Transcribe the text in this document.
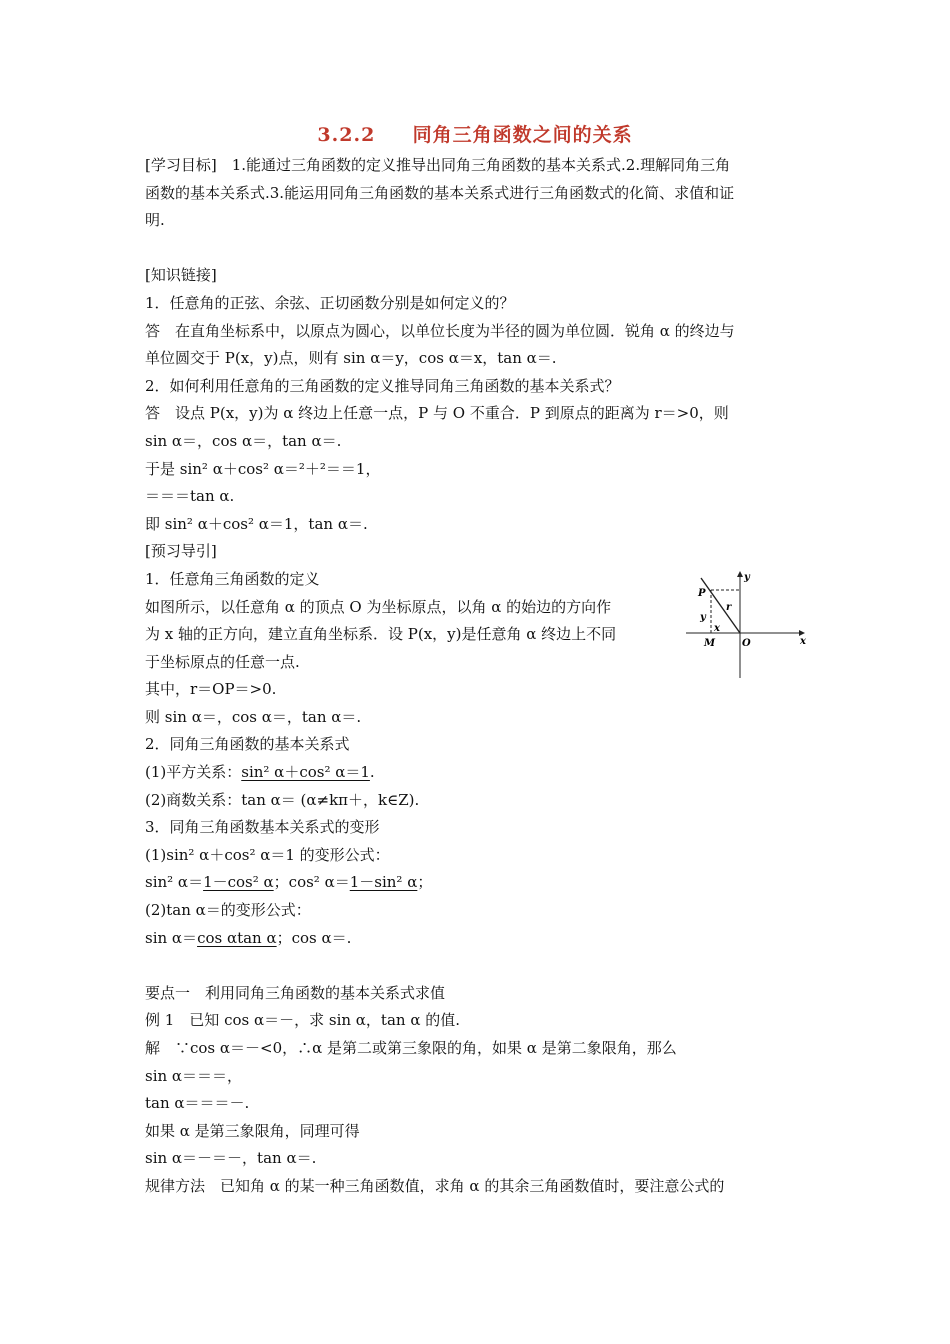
3.2.2 同角三角函数之间的关系

[学习目标]　1.能通过三角函数的定义推导出同角三角函数的基本关系式.2.理解同角三角

函数的基本关系式.3.能运用同角三角函数的基本关系式进行三角函数式的化简、求值和证

明.

[知识链接]

1．任意角的正弦、余弦、正切函数分别是如何定义的？

答　在直角坐标系中，以原点为圆心，以单位长度为半径的圆为单位圆．锐角 α 的终边与

单位圆交于 P(x，y)点，则有 sin α＝y，cos α＝x，tan α＝.

2．如何利用任意角的三角函数的定义推导同角三角函数的基本关系式？

答　设点 P(x，y)为 α 终边上任意一点，P 与 O 不重合．P 到原点的距离为 r＝>0，则

sin α＝，cos α＝，tan α＝.

于是 sin² α＋cos² α＝²＋²＝＝1，

＝＝＝tan α.

即 sin² α＋cos² α＝1，tan α＝.

[预习导引]

1．任意角三角函数的定义

如图所示，以任意角 α 的顶点 O 为坐标原点，以角 α 的始边的方向作

为 x 轴的正方向，建立直角坐标系．设 P(x，y)是任意角 α 终边上不同

于坐标原点的任意一点.

其中，r＝OP＝>0.

则 sin α＝，cos α＝，tan α＝.

2．同角三角函数的基本关系式

(1)平方关系：sin² α＋cos² α＝1.

(2)商数关系：tan α＝ (α≠kπ＋，k∈Z).

3．同角三角函数基本关系式的变形

(1)sin² α＋cos² α＝1 的变形公式：

sin² α＝1－cos² α；cos² α＝1－sin² α；

(2)tan α＝的变形公式：

sin α＝cos αtan α；cos α＝.

要点一　利用同角三角函数的基本关系式求值

例 1　已知 cos α＝－，求 sin α，tan α 的值.

解　∵cos α＝－<0，∴α 是第二或第三象限的角，如果 α 是第二象限角，那么

sin α＝＝＝，

tan α＝＝＝－.

如果 α 是第三象限角，同理可得

sin α＝－＝－，tan α＝.

规律方法　已知角 α 的某一种三角函数值，求角 α 的其余三角函数值时，要注意公式的

y
x
P
r
y
x
M	O
